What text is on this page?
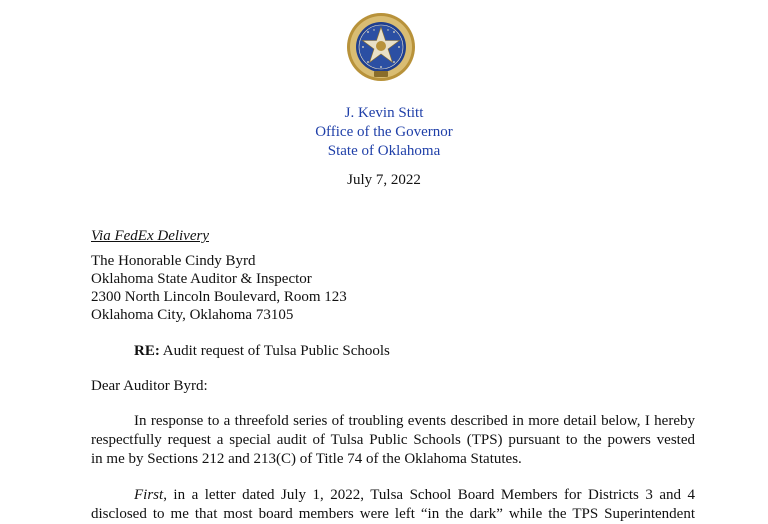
J. Kevin Stitt
Office of the Governor
State of Oklahoma
July 7, 2022
Via FedEx Delivery
The Honorable Cindy Byrd
Oklahoma State Auditor & Inspector
2300 North Lincoln Boulevard, Room 123
Oklahoma City, Oklahoma 73105
RE: Audit request of Tulsa Public Schools
Dear Auditor Byrd:
In response to a threefold series of troubling events described in more detail below, I hereby
respectfully request a special audit of Tulsa Public Schools (TPS) pursuant to the powers vested
in me by Sections 212 and 213(C) of Title 74 of the Oklahoma Statutes.
First, in a letter dated July 1, 2022, Tulsa School Board Members for Districts 3 and 4
disclosed to me that most board members were left “in the dark” while the TPS Superintendent
